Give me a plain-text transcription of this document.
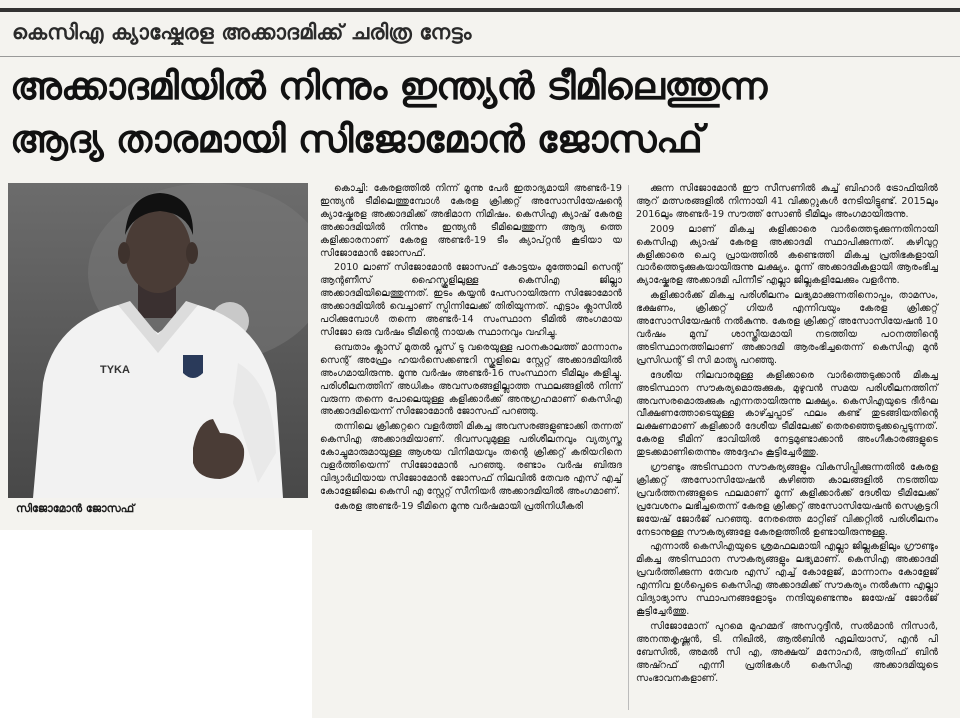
കെസിഎ ക്യാഷ്കേരള അക്കാദമിക്ക് ചരിത്ര നേട്ടം
അക്കാദമിയിൽ നിന്നും ഇന്ത്യൻ ടീമിലെത്തുന്ന
ആദ്യ താരമായി സിജോമോൻ ജോസഫ്
TYKA
സിജോമോൻ ജോസഫ്

കൊച്ചി: കേരളത്തിൽ നിന്ന് മൂന്നു പേർ ഇതാദ്യമായി അണ്ടർ-19 ഇന്ത്യൻ ടീമിലെത്തുമ്പോൾ കേരള ക്രിക്കറ്റ് അസോസിയേഷന്റെ ക്യാഷ്കേരള അക്കാദമിക്ക് അഭിമാന നിമിഷം. കെസിഎ ക്യാഷ് കേരള അക്കാദമിയിൽ നിന്നും ഇന്ത്യൻ ടീമിലെത്തുന്ന ആദ്യ ത്തെ കളിക്കാരനാണ് കേരള അണ്ടർ-19 ടീം ക്യാപ്റ്റൻ കൂടിയാ യ സിജോമോൻ ജോസഫ്.

2010 ലാണ് സിജോമോൻ ജോസഫ് കോട്ടയം മുത്തോലി സെന്റ് ആന്റണീസ് ഹൈസ്കൂളിലുള്ള കെസിഎ ജില്ലാ അക്കാദമിയിലെത്തുന്നത്. ഇടം കയ്യൻ പേസറായിരുന്ന സിജോമോൻ അക്കാദമിയിൽ വെച്ചാണ് സ്പിന്നിലേക്ക് തിരിയുന്നത്. എട്ടാം ക്ലാസിൽ പഠിക്കുമ്പോൾ തന്നെ അണ്ടർ-14 സംസ്ഥാന ടീമിൽ അംഗമായ സിജോ ഒരു വർഷം ടീമിന്റെ നായക സ്ഥാനവും വഹിച്ചു.

ഒമ്പതാം ക്ലാസ് മുതൽ പ്ലസ് ടു വരെയുള്ള പഠനകാലത്ത് മാന്നാനം സെന്റ് അഫ്രേം ഹയർസെക്കണ്ടറി സ്കൂളിലെ സ്റ്റേറ്റ് അക്കാദമിയിൽ അംഗമായിരുന്നു. മൂന്നു വർഷം അണ്ടർ-16 സംസ്ഥാന ടീമിലും കളിച്ചു. പരിശീലനത്തിന് അധികം അവസരങ്ങളില്ലാത്ത സ്ഥലങ്ങളിൽ നിന്ന് വരുന്ന തന്നെ പോലെയുള്ള കളിക്കാർക്ക് അനുഗ്രഹമാണ് കെസിഎ അക്കാദമിയെന്ന് സിജോമോൻ ജോസഫ് പറഞ്ഞു.

തന്നിലെ ക്രിക്കറ്ററെ വളർത്തി മികച്ച അവസരങ്ങളുണ്ടാക്കി തന്നത് കെസിഎ അക്കാദമിയാണ്. ദിവസവുമുള്ള പരിശീലനവും വ്യത്യസ്ത കോച്ചുമാരുമായുള്ള ആശയ വിനിമയവും തന്റെ ക്രിക്കറ്റ് കരിയറിനെ വളർത്തിയെന്ന് സിജോമോൻ പറഞ്ഞു. രണ്ടാം വർഷ ബിരുദ വിദ്യാർഥിയായ സിജോമോൻ ജോസഫ് നിലവിൽ തേവര എസ് എച്ച് കോളേജിലെ കെസി എ സ്റ്റേറ്റ് സീനിയർ അക്കാദമിയിൽ അംഗമാണ്.

കേരള അണ്ടർ-19 ടീമിനെ മൂന്നു വർഷമായി പ്രതിനിധീകരി

ക്കുന്ന സിജോമോൻ ഈ സീസണിൽ കുച്ച് ബിഹാർ ട്രോഫിയിൽ ആറ് മത്സരങ്ങളിൽ നിന്നായി 41 വിക്കറ്റുകൾ നേടിയിട്ടുണ്ട്. 2015ലും 2016ലും അണ്ടർ-19 സൗത്ത് സോൺ ടീമിലും അംഗമായിരുന്നു.

2009 ലാണ് മികച്ച കളിക്കാരെ വാർത്തെടുക്കുന്നതിനായി കെസിഎ ക്യാഷ് കേരള അക്കാദമി സ്ഥാപിക്കുന്നത്. കഴിവുറ്റ കളിക്കാരെ ചെറു പ്രായത്തിൽ കണ്ടെത്തി മികച്ച പ്രതിഭകളായി വാർത്തെടുക്കുകയായിരുന്നു ലക്ഷ്യം. മൂന്ന് അക്കാദമികളായി ആരംഭിച്ച ക്യാഷ്കേരള അക്കാദമി പിന്നീട് എല്ലാ ജില്ലകളിലേക്കും വളർന്നു.

കളിക്കാർക്ക് മികച്ച പരിശീലനം ലഭ്യമാക്കുന്നതിനൊപ്പം, താമസം, ഭക്ഷണം, ക്രിക്കറ്റ് ഗിയർ എന്നിവയും കേരള ക്രിക്കറ്റ് അസോസിയേഷൻ നൽകുന്നു. കേരള ക്രിക്കറ്റ് അസോസിയേഷൻ 10 വർഷം മുമ്പ് ശാസ്ത്രീയമായി നടത്തിയ പഠനത്തിന്റെ അടിസ്ഥാനത്തിലാണ് അക്കാദമി ആരംഭിച്ചതെന്ന് കെസിഎ മുൻ പ്രസിഡന്റ് ടി സി മാത്യു പറഞ്ഞു.

ദേശീയ നിലവാരമുള്ള കളിക്കാരെ വാർത്തെടുക്കാൻ മികച്ച അടിസ്ഥാന സൗകര്യമൊരുക്കുക, മുഴുവൻ സമയ പരിശീലനത്തിന് അവസരമൊരുക്കുക എന്നതായിരുന്നു ലക്ഷ്യം. കെസിഎയുടെ ദീർഘ വീക്ഷണത്തോടെയുള്ള കാഴ്ച്ചപ്പാട് ഫലം കണ്ട് തുടങ്ങിയതിന്റെ ലക്ഷണമാണ് കളിക്കാർ ദേശീയ ടീമിലേക്ക് തെരഞ്ഞെടുക്കപ്പെടുന്നത്. കേരള ടീമിന് ഭാവിയിൽ നേട്ടമുണ്ടാക്കാൻ അംഗീകാരങ്ങളുടെ തുടക്കമാണിതെന്നും അദ്ദേഹം കൂട്ടിച്ചേർത്തു.

ഗ്രൗണ്ടും അടിസ്ഥാന സൗകര്യങ്ങളും വികസിപ്പിക്കുന്നതിൽ കേരള ക്രിക്കറ്റ് അസോസിയേഷൻ കഴിഞ്ഞ കാലങ്ങളിൽ നടത്തിയ പ്രവർത്തനങ്ങളുടെ ഫലമാണ് മൂന്ന് കളിക്കാർക്ക് ദേശീയ ടീമിലേക്ക് പ്രവേശനം ലഭിച്ചതെന്ന് കേരള ക്രിക്കറ്റ് അസോസിയേഷൻ സെക്രട്ടറി ജയേഷ് ജോർജ് പറഞ്ഞു. നേരത്തെ മാറ്റിങ് വിക്കറ്റിൽ പരിശീലനം നേടാനുള്ള സൗകര്യങ്ങളേ കേരളത്തിൽ ഉണ്ടായിരുന്നുള്ളു.

എന്നാൽ കെസിഎയുടെ ശ്രമഫലമായി എല്ലാ ജില്ലകളിലും ഗ്രൗണ്ടും മികച്ച അടിസ്ഥാന സൗകര്യങ്ങളും ലഭ്യമാണ്. കെസിഎ അക്കാദമി പ്രവർത്തിക്കുന്ന തേവര എസ് എച്ച് കോളേജ്, മാന്നാനം കോളേജ് എന്നിവ ഉൾപ്പെടെ കെസിഎ അക്കാദമിക്ക് സൗകര്യം നൽകുന്ന എല്ലാ വിദ്യാഭ്യാസ സ്ഥാപനങ്ങളോടും നന്ദിയുണ്ടെന്നും ജയേഷ് ജോർജ് കൂട്ടിച്ചേർത്തു.

സിജോമോന് പുറമെ മുഹമ്മദ് അസറുദ്ദീൻ, സൽമാൻ നിസാർ, അനന്തകൃഷ്ണൻ, ടി. നിഖിൽ, ആൽബിൻ ഏലിയാസ്, എൻ പി ബേസിൽ, അമൽ സി എ, അക്ഷയ് മനോഹർ, ആതിഫ് ബിൻ അഷ്റഫ് എന്നീ പ്രതിഭകൾ കെസിഎ അക്കാദമിയുടെ സംഭാവനകളാണ്.
